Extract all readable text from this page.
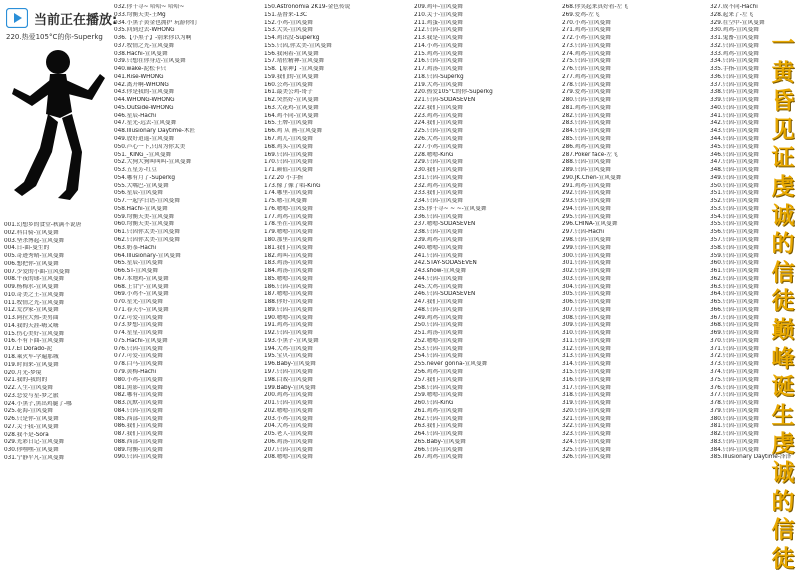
当前正在播放:
220.热爱105°C的你-Superkg
001.幻想乡的食堂-秋满不说唐
002.科目骑-宣风曼舞
003.坚杀博起-宣风曼舞
004.日-曲-曼生的
005.奇迹秀晴-宣风曼舞
006.想把你-宣风曼舞
007.少爱的小曲-宣风曼舞
008.午夜的球-宣风曼舞
009.杨梅水-宣风曼舞
010.奇美之王-宣风曼舞
011.牧情之光-宣风曼舞
012.荒沙家-宣风曼舞
013.阿拉大热-美男曲
014.我的天涯-嗨又嗨
015.伤心美好-宣风曼舞
016.不有下曲-宣风曼舞
017.El Dorado-泥
018.乘火车-学遍那城
019.时间来-宣风曼舞
020.月光-梦境
021.我的-我的的
022.人生-宣风曼舞
023.恋爱与星-梦之旅
024.小黑子,黑出鸡腿了-哪
025.花海-宣风曼舞
026.只是你-宣风曼舞
027.关于我-宣风曼舞
028.我不是-Sora
029.光彩日记-宣风曼舞
030.你嘿嘿-宣风曼舞
031.宁静平凡-宣风曼舞
032.你千寻~ 哈哈~ 哈哈~
033.均衡天美-王Mg
034.小黑子黄金也拥护 玩游你们
035.回到过去-WHONG
036.【小黑子】-别来你以为啊
037.牧情之光-宣风曼舞
038.Hachi-宣风曼舞
039.只想在你身边-宣风曼舞
040.wake-泥松卡只
041.Rise-WHONG
042.离开啊-WHONG
043.你是我的-宣风曼舞
044.WHONG-WHONG
045.Outside-WHONG
046.星辰-Hachi
047.星光-远去-宣风曼舞
048.Illusionary Daytime-木匠
049.放好逍遥-宣风曼舞
050.芦心一下,只因为你太美
051._KING_-宣风曼舞
052.大狗大狗叫叫叫-宣风曼舞
053.五星芳-红豆
054.哪有月了-Superkg
055.大嘴巴-宣风曼舞
056.星辰-宣风曼舞
057.一起学日语-宣风曼舞
058.Hachi-宣风曼舞
059.均衡天美-宣风曼舞
060.均衡天美-宣风曼舞
061.只因你太美-宣风曼舞
062.只因你太美-宣风曼舞
063.奶茶-Hachi
064.Illusionary-宣风曼舞
065.星辰-宣风曼舞
066.ST-宣风曼舞
067.本地鸡-宣风曼舞
068.上甘宁-宣风曼舞
069.小鸡不-宣风曼舞
070.星光-宣风曼舞
071.春天小-宣风曼舞
072.可爱-宣风曼舞
073.梦想-宣风曼舞
074.星星-宣风曼舞
075.Hachi-宣风曼舞
076.只因-宣风曼舞
077.可爱-宣风曼舞
078.白马-宣风曼舞
079.黄梅-Hachi
080.小鸡-宣风曼舞
081.黑影-宣风曼舞
082.哪有-宣风曼舞
083.沉默-宣风曼舞
084.只因-宣风曼舞
085.西部-宣风曼舞
086.我们-宣风曼舞
087.我们-宣风曼舞
088.西部-宣风曼舞
089.均衡-宣风曼舞
090.只因-宣风曼舞
150.Astronomia 2K19-金色传说
151.基督来-13C
152.小鸡-宣风曼舞
153.大笑-宣风曼舞
154.鸡出没-Superkg
155.只因,你太美-宣风曼舞
156.我闲着-宣风曼舞
157.靖佐精神-宣风曼舞
158.【原神】-宣风曼舞
159.我们的-宣风曼舞
160.公鸡-宣风曼舞
161.最美公鸡-哥子
162.突然好-宣风曼舞
163.大花鸡-宣风曼舞
164.鸡不同-宣风曼舞
165.王牌-宣风曼舞
166.鸡 从 画-宣风曼舞
167.鸡儿-宣风曼舞
168.鸡头-宣风曼舞
169.只因-宣风曼舞
170.只因-宣风曼舞
171.颜值-宣风曼舞
172.20 小手指
173.像了像了唱-KinG
174.哪里-宣风曼舞
175.嗯-宣风曼舞
176.嗯嗯-宣风曼舞
177.鸡鸡-宣风曼舞
178.坐在-宣风曼舞
179.嗯嗯-宣风曼舞
180.那里-宣风曼舞
181.我们-宣风曼舞
182.鸡叫-宣风曼舞
183.鸡汤-宣风曼舞
184.鸡汤-宣风曼舞
185.嗯嗯-宣风曼舞
186.只因-宣风曼舞
187.嗯嗯-宣风曼舞
188.你好-宣风曼舞
189.只因-宣风曼舞
190.嗯嗯-宣风曼舞
191.鸡鸡-宣风曼舞
192.只因-宣风曼舞
193.小黑子-宣风曼舞
194.大鸡-宣风曼舞
195.宝贝-宣风曼舞
196.Baby-宣风曼舞
197.只因-宣风曼舞
198.白戏-宣风曼舞
199.Baby-宣风曼舞
200.鸡鸡-宣风曼舞
201.只因-宣风曼舞
202.嗯嗯-宣风曼舞
203.小鸡-宣风曼舞
204.大鸡-宣风曼舞
205.老人-宣风曼舞
206.鸡汤-宣风曼舞
207.只因-宣风曼舞
208.嗯嗯-宣风曼舞
209.鸡年-宣风曼舞
210.关于-宣风曼舞
211.鸡蛋-宣风曼舞
212.只因-宣风曼舞
213.我是-宣风曼舞
214.小鸡-宣风曼舞
215.鸡鸡-宣风曼舞
216.只因-宣风曼舞
217.鸡汤-宣风曼舞
218.只因-Superkg
219.大鸡-宣风曼舞
220.热爱105°C的你-Superkg
221.只因-SODASEVEN
222.我们-宣风曼舞
223.鸡鸡-宣风曼舞
224.我们-宣风曼舞
225.只因-宣风曼舞
226.大鸡-宣风曼舞
227.小鸡-宣风曼舞
228.嗯嗯-KinG
229.只因-宣风曼舞
230.我们-宣风曼舞
231.只因-宣风曼舞
232.鸡鸡-宣风曼舞
233.我们-宣风曼舞
234.只因-宣风曼舞
235.你千寻~ ~ ~-宣风曼舞
236.只因-宣风曼舞
237.嗯嗯-SODASEVEN
238.只因-宣风曼舞
239.鸡鸡-宣风曼舞
240.嗯嗯-宣风曼舞
241.只因-宣风曼舞
242.STAY-SODASEVEN
243.show-宣风曼舞
244.只因-宣风曼舞
245.大鸡-宣风曼舞
246.只因-SODASEVEN
247.我们-宣风曼舞
248.只因-宣风曼舞
249.鸡鸡-宣风曼舞
250.只因-宣风曼舞
251.鸡汤-宣风曼舞
252.嗯嗯-宣风曼舞
253.只因-宣风曼舞
254.只因-宣风曼舞
255.never gonna-宣风曼舞
256.鸡鸡-宣风曼舞
257.我们-宣风曼舞
258.只因-宣风曼舞
259.嗯嗯-宣风曼舞
260.只因-KinG
261.鸡鸡-宣风曼舞
262.只因-宣风曼舞
263.我们-宣风曼舞
264.只因-宣风曼舞
265.Baby-宣风曼舞
266.只因-宣风曼舞
267.鸡鸡-宣风曼舞
268.你笑起来真好看-左飞
269.爱鸡-左飞
270.小鸡-宣风曼舞
271.鸡鸡-宣风曼舞
272.小鸡-宣风曼舞
273.只因-宣风曼舞
274.鸡鸡-宣风曼舞
275.只因-宣风曼舞
276.只因-宣风曼舞
277.鸡鸡-宣风曼舞
278.只因-宣风曼舞
279.爱鸡-宣风曼舞
280.只因-宣风曼舞
281.鸡鸡-宣风曼舞
282.只因-宣风曼舞
283.只因-宣风曼舞
284.只因-宣风曼舞
285.只因-宣风曼舞
286.鸡鸡-宣风曼舞
287.Poker face-左飞
288.只因-宣风曼舞
289.只因-宣风曼舞
290.JK.Chen-宣风曼舞
291.鸡鸡-宣风曼舞
292.只因-宣风曼舞
293.只因-宣风曼舞
294.只因-宣风曼舞
295.只因-宣风曼舞
296.CHINA-宣风曼舞
297.只因-Hachi
298.只因-宣风曼舞
299.只因-宣风曼舞
300.只因-宣风曼舞
301.只因-宣风曼舞
302.只因-宣风曼舞
303.只因-宣风曼舞
304.只因-宣风曼舞
305.只因-宣风曼舞
306.只因-宣风曼舞
307.只因-宣风曼舞
308.只因-宣风曼舞
309.只因-宣风曼舞
310.只因-宣风曼舞
311.只因-宣风曼舞
312.只因-宣风曼舞
313.只因-宣风曼舞
314.只因-宣风曼舞
315.只因-宣风曼舞
316.只因-宣风曼舞
317.只因-宣风曼舞
318.只因-宣风曼舞
319.只因-宣风曼舞
320.只因-宣风曼舞
321.只因-宣风曼舞
322.只因-宣风曼舞
323.只因-宣风曼舞
324.只因-宣风曼舞
325.只因-宣风曼舞
326.只因-宣风曼舞
327.成不同-Hachi
328.起来了-左飞
329.在空中-宣风曼舞
330.鸡鸡-宣风曼舞
331.鬼畜-宣风曼舞
332.只因-宣风曼舞
333.鸡鸡-宣风曼舞
334.只因-宣风曼舞
335.手指-宣风曼舞
336.只因-宣风曼舞
337.只因-宣风曼舞
338.只因-宣风曼舞
339.只因-宣风曼舞
340.只因-宣风曼舞
341.只因-宣风曼舞
342.只因-宣风曼舞
343.只因-宣风曼舞
344.只因-宣风曼舞
345.只因-宣风曼舞
346.只因-宣风曼舞
347.只因-宣风曼舞
348.只因-宣风曼舞
349.只因-宣风曼舞
350.只因-宣风曼舞
351.只因-宣风曼舞
352.只因-宣风曼舞
353.只因-宣风曼舞
354.只因-宣风曼舞
355.只因-宣风曼舞
356.只因-宣风曼舞
357.只因-宣风曼舞
358.只因-宣风曼舞
359.只因-宣风曼舞
360.只因-宣风曼舞
361.只因-宣风曼舞
362.只因-宣风曼舞
363.只因-宣风曼舞
364.只因-宣风曼舞
365.只因-宣风曼舞
366.只因-宣风曼舞
367.只因-宣风曼舞
368.只因-宣风曼舞
369.只因-宣风曼舞
370.只因-宣风曼舞
371.只因-宣风曼舞
372.只因-宣风曼舞
373.只因-宣风曼舞
374.只因-宣风曼舞
375.只因-宣风曼舞
376.只因-宣风曼舞
377.只因-宣风曼舞
378.只因-宣风曼舞
379.只因-宣风曼舞
380.只因-宣风曼舞
381.只因-宣风曼舞
382.只因-宣风曼舞
383.只因-宣风曼舞
384.只因-宣风曼舞
385.Illusionary Daytime-泽泽
一黄昏见证虔诚的信徒巅峰诞生虔诚的信徒
